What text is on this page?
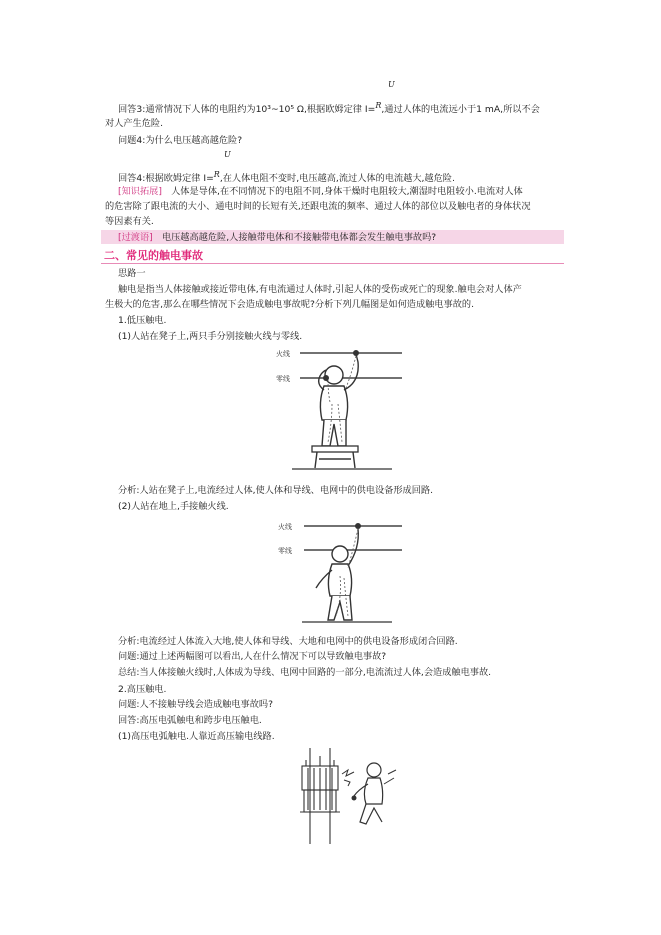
U
回答3:通常情况下人体的电阻约为10³~10⁵ Ω,根据欧姆定律 I=R,通过人体的电流远小于1 mA,所以不会
对人产生危险.
问题4:为什么电压越高越危险?
U
回答4:根据欧姆定律 I=R,在人体电阻不变时,电压越高,流过人体的电流越大,越危险.
[知识拓展]　人体是导体,在不同情况下的电阻不同,身体干燥时电阻较大,潮湿时电阻较小.电流对人体
的危害除了跟电流的大小、通电时间的长短有关,还跟电流的频率、通过人体的部位以及触电者的身体状况
等因素有关.
[过渡语]　电压越高越危险,人接触带电体和不接触带电体都会发生触电事故吗?
二、常见的触电事故
思路一
触电是指当人体接触或接近带电体,有电流通过人体时,引起人体的受伤或死亡的现象.触电会对人体产
生极大的危害,那么在哪些情况下会造成触电事故呢?分析下列几幅图是如何造成触电事故的.
1.低压触电.
(1)人站在凳子上,两只手分别接触火线与零线.
火线
零线
分析:人站在凳子上,电流经过人体,使人体和导线、电网中的供电设备形成回路.
(2)人站在地上,手接触火线.
火线
零线
分析:电流经过人体流入大地,使人体和导线、大地和电网中的供电设备形成闭合回路.
问题:通过上述两幅图可以看出,人在什么情况下可以导致触电事故?
总结:当人体接触火线时,人体成为导线、电网中回路的一部分,电流流过人体,会造成触电事故.
2.高压触电.
问题:人不接触导线会造成触电事故吗?
回答:高压电弧触电和跨步电压触电.
(1)高压电弧触电.人靠近高压输电线路.
